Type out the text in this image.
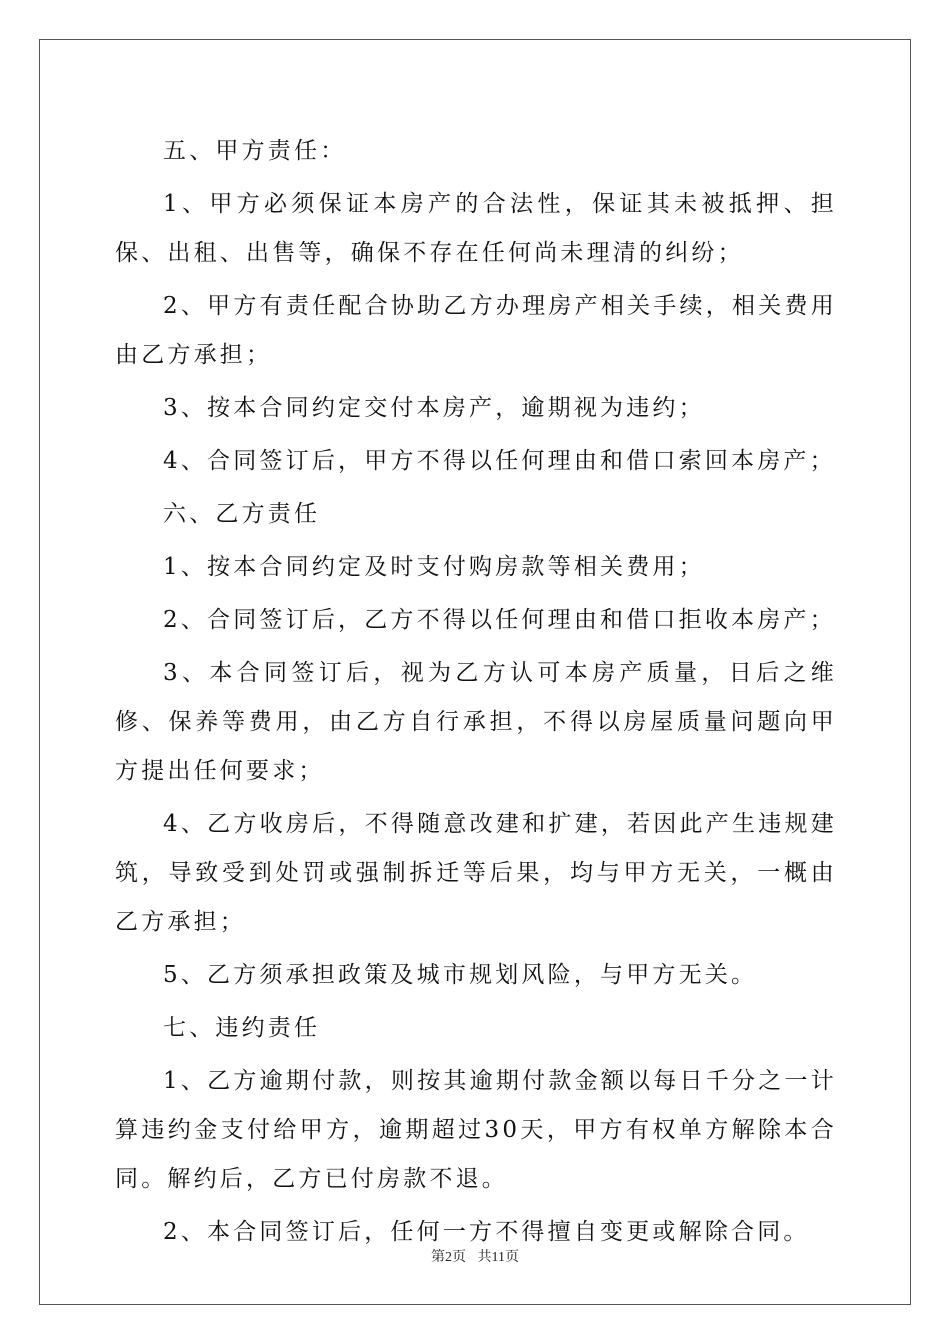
五、甲方责任：

1、甲方必须保证本房产的合法性，保证其未被抵押、担保、出租、出售等，确保不存在任何尚未理清的纠纷；

2、甲方有责任配合协助乙方办理房产相关手续，相关费用由乙方承担；

3、按本合同约定交付本房产，逾期视为违约；

4、合同签订后，甲方不得以任何理由和借口索回本房产；

六、乙方责任

1、按本合同约定及时支付购房款等相关费用；

2、合同签订后，乙方不得以任何理由和借口拒收本房产；

3、本合同签订后，视为乙方认可本房产质量，日后之维修、保养等费用，由乙方自行承担，不得以房屋质量问题向甲方提出任何要求；

4、乙方收房后，不得随意改建和扩建，若因此产生违规建筑，导致受到处罚或强制拆迁等后果，均与甲方无关，一概由乙方承担；

5、乙方须承担政策及城市规划风险，与甲方无关。

七、违约责任

1、乙方逾期付款，则按其逾期付款金额以每日千分之一计算违约金支付给甲方，逾期超过30天，甲方有权单方解除本合同。解约后，乙方已付房款不退。

2、本合同签订后，任何一方不得擅自变更或解除合同。

第2页 共11页
